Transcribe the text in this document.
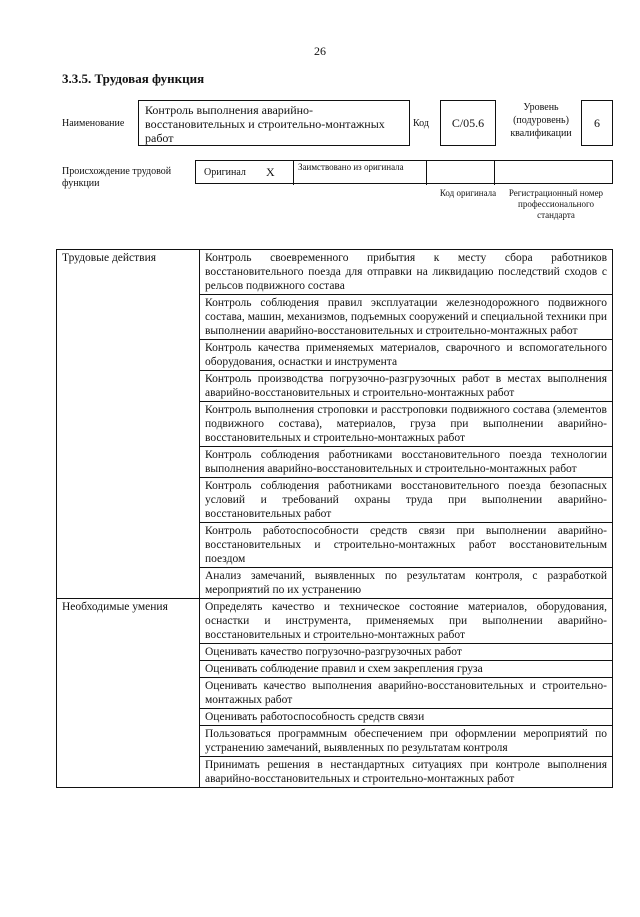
26
3.3.5. Трудовая функция
Наименование
Контроль выполнения аварийно-восстановительных и строительно-монтажных работ
Код	С/05.6
Уровень (подуровень) квалификации
6
Происхождение трудовой функции
Оригинал X	Заимствовано из оригинала
Код оригинала	Регистрационный номер профессионального стандарта
Трудовые действия	Контроль своевременного прибытия к месту сбора работников восстановительного поезда для отправки на ликвидацию последствий сходов с рельсов подвижного состава
	Контроль соблюдения правил эксплуатации железнодорожного подвижного состава, машин, механизмов, подъемных сооружений и специальной техники при выполнении аварийно-восстановительных и строительно-монтажных работ
	Контроль качества применяемых материалов, сварочного и вспомогательного оборудования, оснастки и инструмента
	Контроль производства погрузочно-разгрузочных работ в местах выполнения аварийно-восстановительных и строительно-монтажных работ
	Контроль выполнения строповки и расстроповки подвижного состава (элементов подвижного состава), материалов, груза при выполнении аварийно-восстановительных и строительно-монтажных работ
	Контроль соблюдения работниками восстановительного поезда технологии выполнения аварийно-восстановительных и строительно-монтажных работ
	Контроль соблюдения работниками восстановительного поезда безопасных условий и требований охраны труда при выполнении аварийно-восстановительных работ
	Контроль работоспособности средств связи при выполнении аварийно-восстановительных и строительно-монтажных работ восстановительным поездом
	Анализ замечаний, выявленных по результатам контроля, с разработкой мероприятий по их устранению
Необходимые умения	Определять качество и техническое состояние материалов, оборудования, оснастки и инструмента, применяемых при выполнении аварийно-восстановительных и строительно-монтажных работ
	Оценивать качество погрузочно-разгрузочных работ
	Оценивать соблюдение правил и схем закрепления груза
	Оценивать качество выполнения аварийно-восстановительных и строительно-монтажных работ
	Оценивать работоспособность средств связи
	Пользоваться программным обеспечением при оформлении мероприятий по устранению замечаний, выявленных по результатам контроля
	Принимать решения в нестандартных ситуациях при контроле выполнения аварийно-восстановительных и строительно-монтажных работ
